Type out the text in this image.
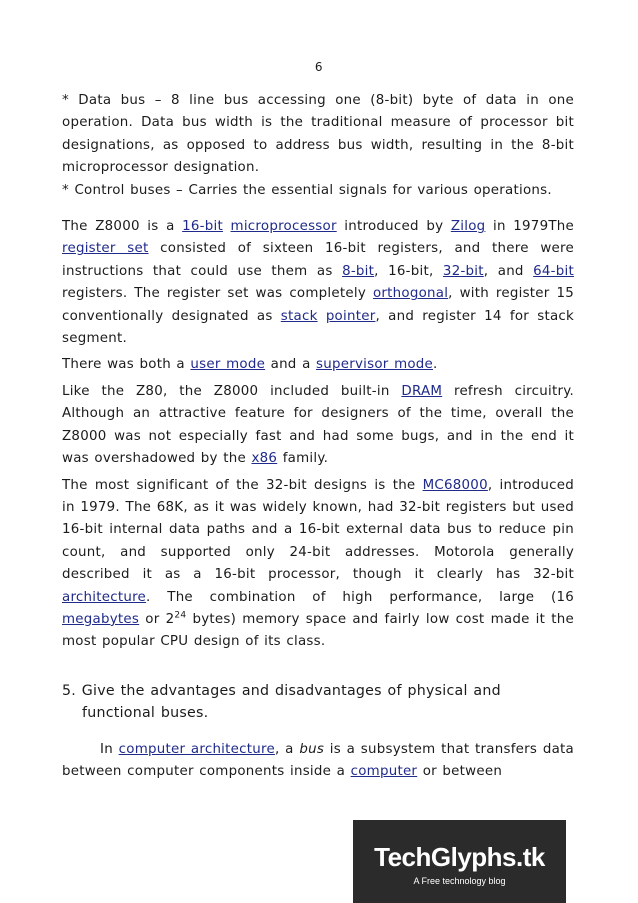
6

* Data bus – 8 line bus accessing one (8-bit) byte of data in one operation. Data bus width is the traditional measure of processor bit designations, as opposed to address bus width, resulting in the 8-bit microprocessor designation.

* Control buses – Carries the essential signals for various operations.

The Z8000 is a 16-bit microprocessor introduced by Zilog in 1979The register set consisted of sixteen 16-bit registers, and there were instructions that could use them as 8-bit, 16-bit, 32-bit, and 64-bit registers. The register set was completely orthogonal, with register 15 conventionally designated as stack pointer, and register 14 for stack segment.

There was both a user mode and a supervisor mode.

Like the Z80, the Z8000 included built-in DRAM refresh circuitry. Although an attractive feature for designers of the time, overall the Z8000 was not especially fast and had some bugs, and in the end it was overshadowed by the x86 family.

The most significant of the 32-bit designs is the MC68000, introduced in 1979. The 68K, as it was widely known, had 32-bit registers but used 16-bit internal data paths and a 16-bit external data bus to reduce pin count, and supported only 24-bit addresses. Motorola generally described it as a 16-bit processor, though it clearly has 32-bit architecture. The combination of high performance, large (16 megabytes or $2^{24}$ bytes) memory space and fairly low cost made it the most popular CPU design of its class.

5. Give the advantages and disadvantages of physical and functional buses.

In computer architecture, a bus is a subsystem that transfers data between computer components inside a computer or between

TechGlyphs.tk
A Free technology blog
